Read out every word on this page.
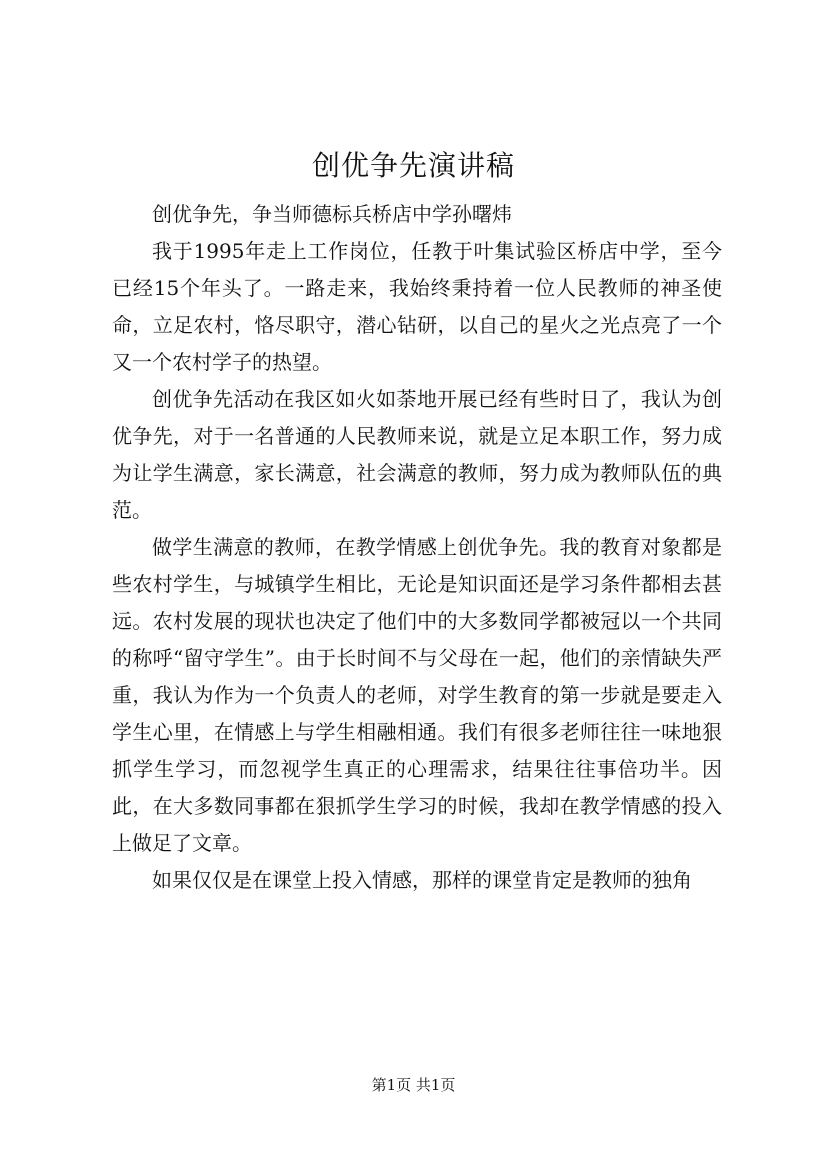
创优争先演讲稿

创优争先，争当师德标兵桥店中学孙曙炜

我于1995年走上工作岗位，任教于叶集试验区桥店中学，至今已经15个年头了。一路走来，我始终秉持着一位人民教师的神圣使命，立足农村，恪尽职守，潜心钻研，以自己的星火之光点亮了一个又一个农村学子的热望。

创优争先活动在我区如火如荼地开展已经有些时日了，我认为创优争先，对于一名普通的人民教师来说，就是立足本职工作，努力成为让学生满意，家长满意，社会满意的教师，努力成为教师队伍的典范。

做学生满意的教师，在教学情感上创优争先。我的教育对象都是些农村学生，与城镇学生相比，无论是知识面还是学习条件都相去甚远。农村发展的现状也决定了他们中的大多数同学都被冠以一个共同的称呼“留守学生”。由于长时间不与父母在一起，他们的亲情缺失严重，我认为作为一个负责人的老师，对学生教育的第一步就是要走入学生心里，在情感上与学生相融相通。我们有很多老师往往一味地狠抓学生学习，而忽视学生真正的心理需求，结果往往事倍功半。因此，在大多数同事都在狠抓学生学习的时候，我却在教学情感的投入上做足了文章。

如果仅仅是在课堂上投入情感，那样的课堂肯定是教师的独角

第1页 共1页
